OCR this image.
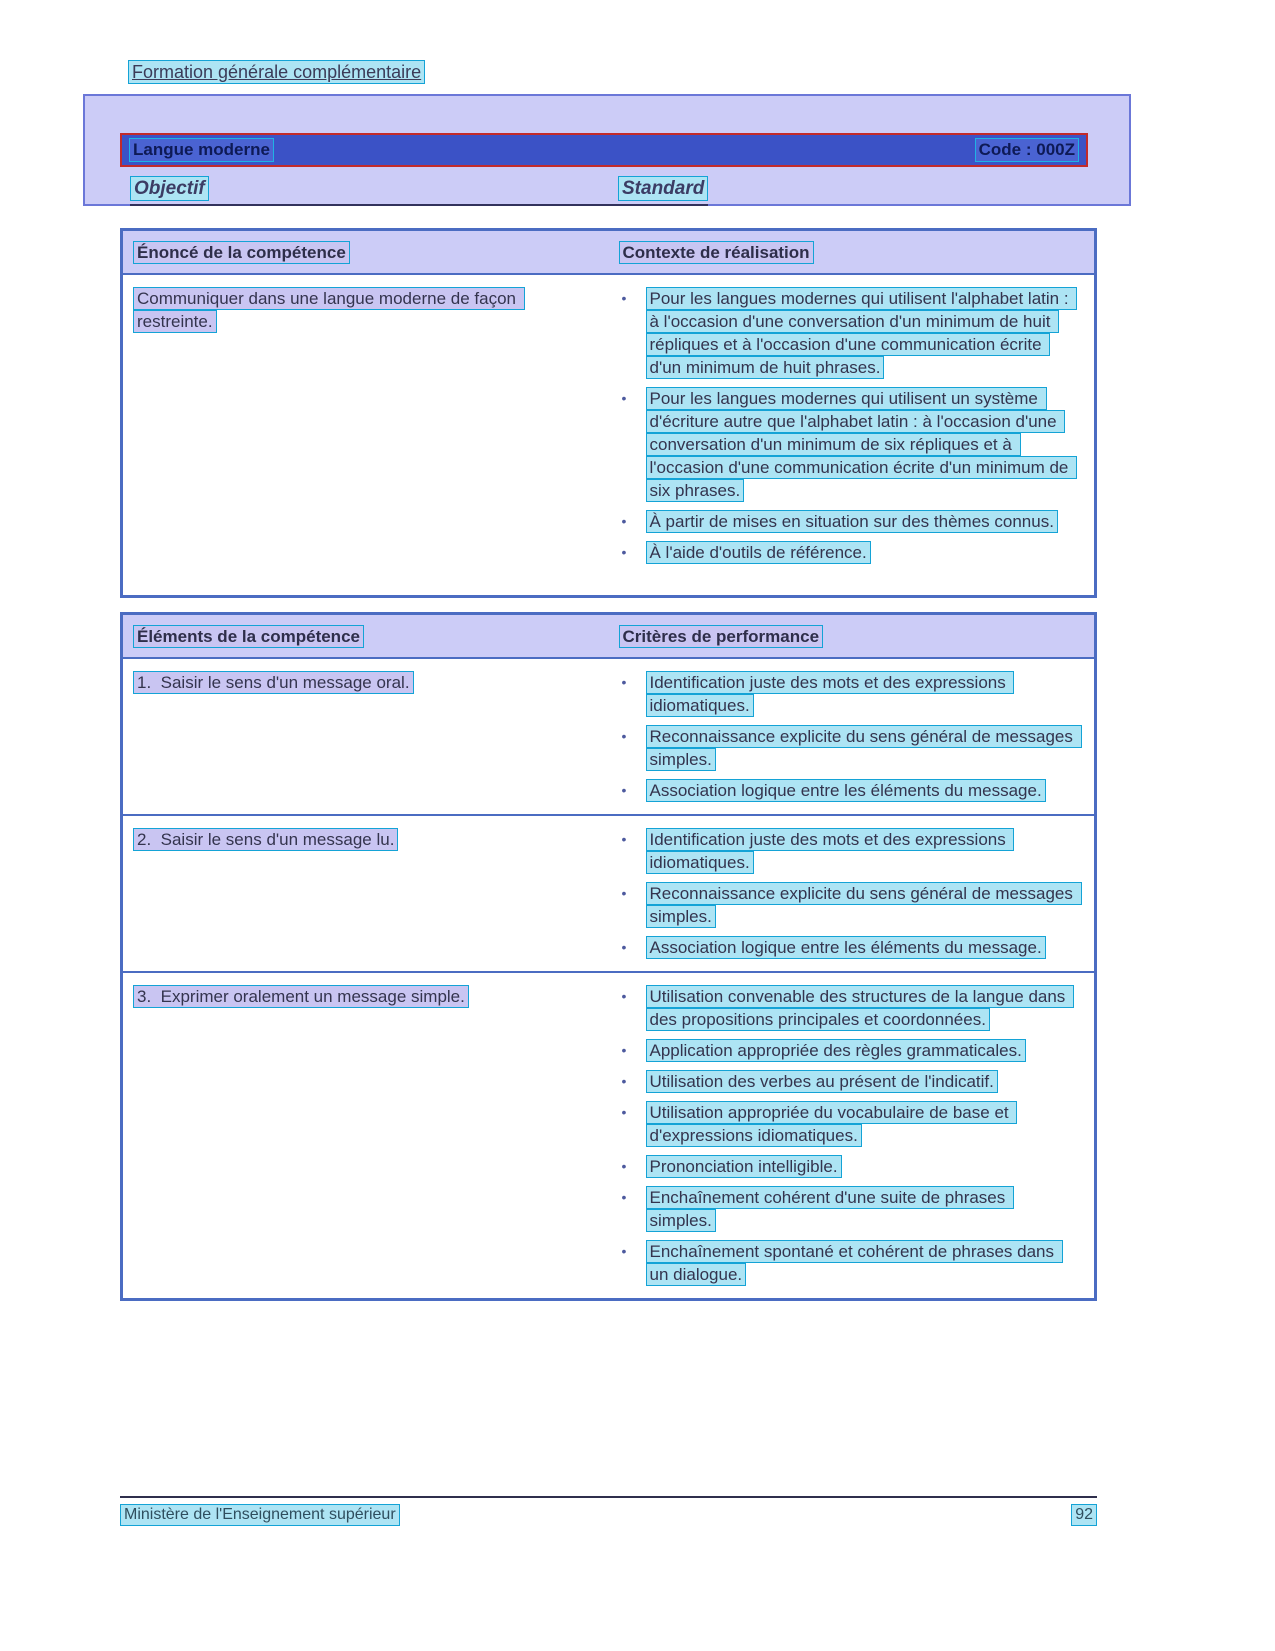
Formation générale complémentaire
Langue moderne	Code : 000Z
Objectif	Standard
Énoncé de la compétence	Contexte de réalisation
Communiquer dans une langue moderne de façon restreinte.
•	Pour les langues modernes qui utilisent l'alphabet latin : à l'occasion d'une conversation d'un minimum de huit répliques et à l'occasion d'une communication écrite d'un minimum de huit phrases.
•	Pour les langues modernes qui utilisent un système d'écriture autre que l'alphabet latin : à l'occasion d'une conversation d'un minimum de six répliques et à l'occasion d'une communication écrite d'un minimum de six phrases.
•	À partir de mises en situation sur des thèmes connus.
•	À l'aide d'outils de référence.
Éléments de la compétence	Critères de performance
1.  Saisir le sens d'un message oral.	•	Identification juste des mots et des expressions idiomatiques.
•	Reconnaissance explicite du sens général de messages simples.
•	Association logique entre les éléments du message.
2.  Saisir le sens d'un message lu.	•	Identification juste des mots et des expressions idiomatiques.
•	Reconnaissance explicite du sens général de messages simples.
•	Association logique entre les éléments du message.
3.  Exprimer oralement un message simple.	•	Utilisation convenable des structures de la langue dans des propositions principales et coordonnées.
•	Application appropriée des règles grammaticales.
•	Utilisation des verbes au présent de l'indicatif.
•	Utilisation appropriée du vocabulaire de base et d'expressions idiomatiques.
•	Prononciation intelligible.
•	Enchaînement cohérent d'une suite de phrases simples.
•	Enchaînement spontané et cohérent de phrases dans un dialogue.
Ministère de l'Enseignement supérieur	92
